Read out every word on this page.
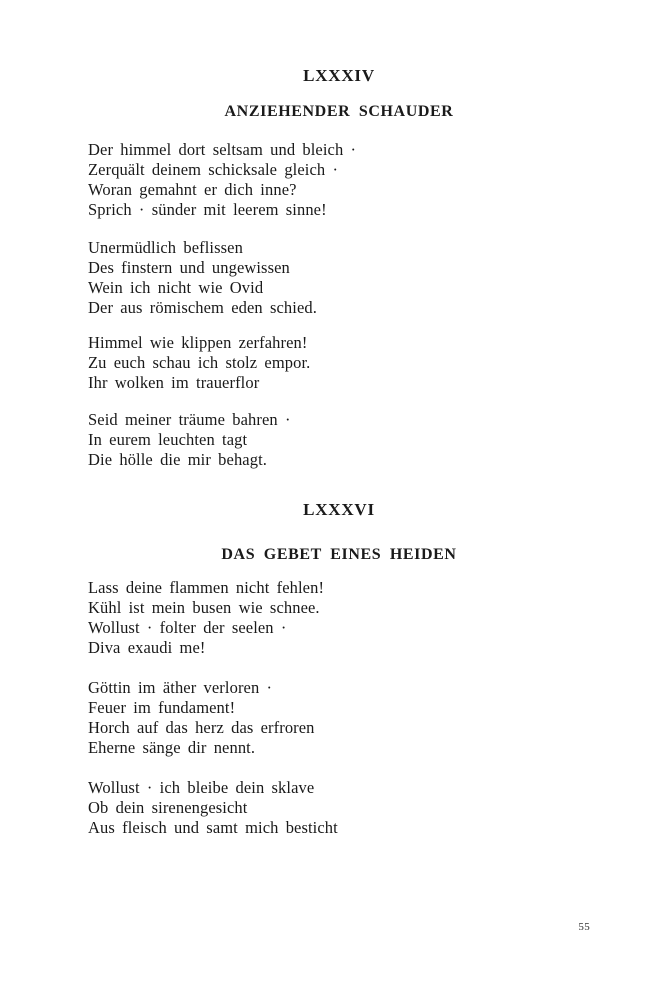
LXXXIV
ANZIEHENDER SCHAUDER
Der himmel dort seltsam und bleich ·
Zerquält deinem schicksale gleich ·
Woran gemahnt er dich inne?
Sprich · sünder mit leerem sinne!
Unermüdlich beflissen
Des finstern und ungewissen
Wein ich nicht wie Ovid
Der aus römischem eden schied.
Himmel wie klippen zerfahren!
Zu euch schau ich stolz empor.
Ihr wolken im trauerflor
Seid meiner träume bahren ·
In eurem leuchten tagt
Die hölle die mir behagt.
LXXXVI
DAS GEBET EINES HEIDEN
Lass deine flammen nicht fehlen!
Kühl ist mein busen wie schnee.
Wollust · folter der seelen ·
Diva exaudi me!
Göttin im äther verloren ·
Feuer im fundament!
Horch auf das herz das erfroren
Eherne sänge dir nennt.
Wollust · ich bleibe dein sklave
Ob dein sirenengesicht
Aus fleisch und samt mich besticht
55
